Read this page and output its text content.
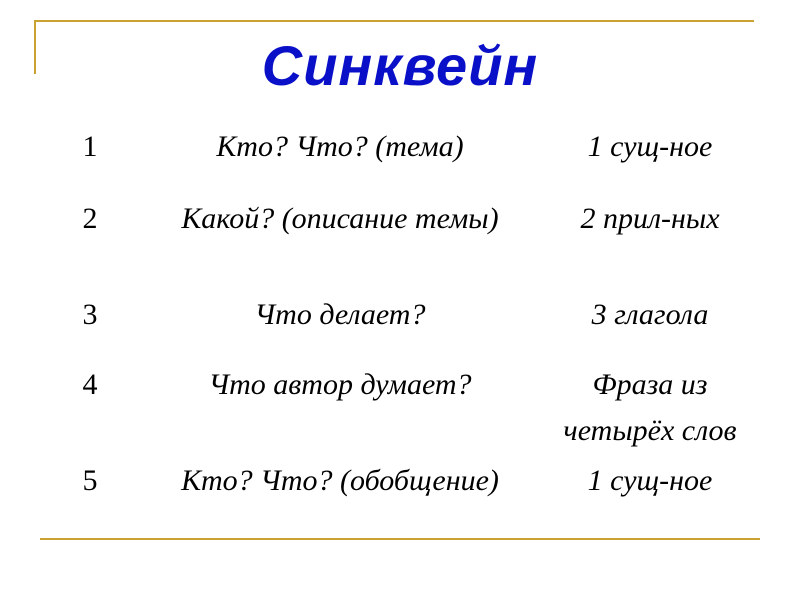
Синквейн
1	Кто? Что? (тема)	1 сущ-ное
2	Какой? (описание темы)	2 прил-ных
3	Что делает?	3 глагола
4	Что автор думает?	Фраза из четырёх слов
5	Кто? Что? (обобщение)	1 сущ-ное
